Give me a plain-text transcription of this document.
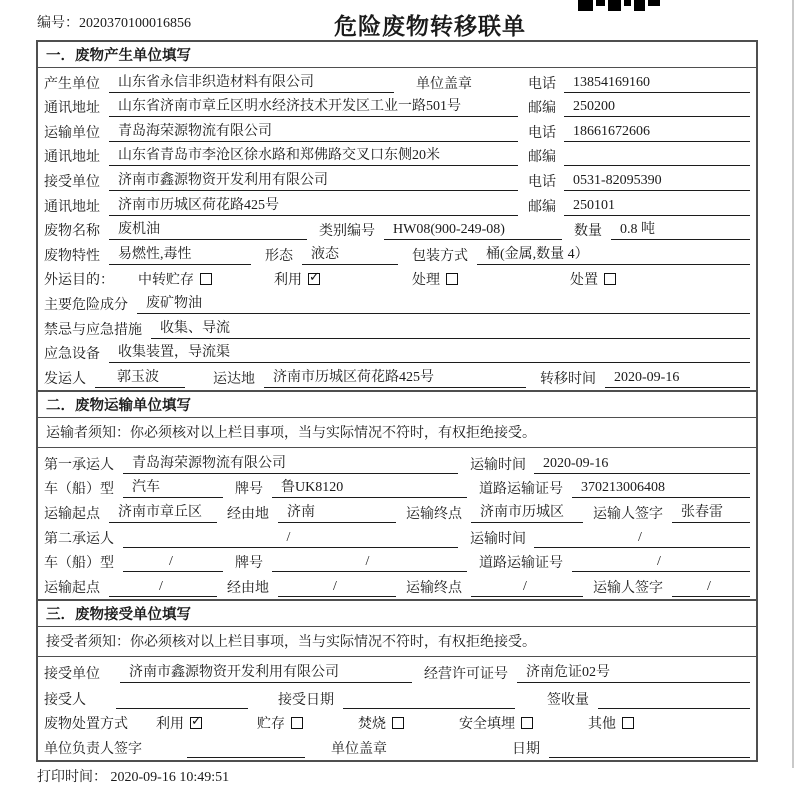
编号：2020370100016856	危险废物转移联单
一．废物产生单位填写
产生单位	山东省永信非织造材料有限公司	单位盖章	电话	13854169160
通讯地址	山东省济南市章丘区明水经济技术开发区工业一路501号	邮编	250200
运输单位	青岛海荣源物流有限公司	电话	18661672606
通讯地址	山东省青岛市李沧区徐水路和郑佛路交叉口东侧20米	邮编
接受单位	济南市鑫源物资开发利用有限公司	电话	0531-82095390
通讯地址	济南市历城区荷花路425号	邮编	250101
废物名称	废机油	类别编号	HW08(900-249-08)	数量	0.8 吨
废物特性	易燃性,毒性	形态	液态	包装方式	桶(金属,数量 4）
外运目的： 中转贮存	利用 ✓	处理	处置
主要危险成分	废矿物油
禁忌与应急措施	收集、导流
应急设备	收集装置，导流渠
发运人	郭玉波	运达地	济南市历城区荷花路425号	转移时间	2020-09-16
二．废物运输单位填写
运输者须知： 你必须核对以上栏目事项，当与实际情况不符时，有权拒绝接受。
第一承运人	青岛海荣源物流有限公司	运输时间	2020-09-16
车（船）型	汽车	牌号	鲁UK8120	道路运输证号	370213006408
运输起点	济南市章丘区	经由地	济南	运输终点	济南市历城区	运输人签字	张春雷
第二承运人	/	运输时间	/
车（船）型	/	牌号	/	道路运输证号	/
运输起点	/	经由地	/	运输终点	/	运输人签字	/
三．废物接受单位填写
接受者须知： 你必须核对以上栏目事项，当与实际情况不符时，有权拒绝接受。
接受单位	济南市鑫源物资开发利用有限公司	经营许可证号	济南危证02号
接受人	接受日期	签收量
废物处置方式 利用 ✓	贮存	焚烧	安全填埋	其他
单位负责人签字	单位盖章	日期
打印时间： 2020-09-16 10:49:51
